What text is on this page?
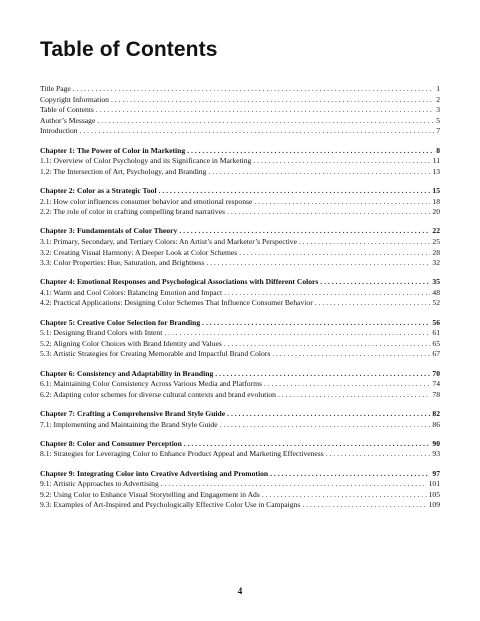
Table of Contents
Title Page . . .	1
Copyright Information . . .	2
Table of Contents . . .	3
Author’s Message . . .	5
Introduction . . .	7
Chapter 1: The Power of Color in Marketing . . .	8
1.1: Overview of Color Psychology and its Significance in Marketing . . .	11
1.2: The Intersection of Art, Psychology, and Branding . . .	13
Chapter 2: Color as a Strategic Tool . . .	15
2.1: How color influences consumer behavior and emotional response . . .	18
2.2: The role of color in crafting compelling brand narratives . . .	20
Chapter 3: Fundamentals of Color Theory . . .	22
3.1: Primary, Secondary, and Tertiary Colors: An Artist’s and Marketer’s Perspective . . .	25
3.2: Creating Visual Harmony: A Deeper Look at Color Schemes . . .	28
3.3: Color Properties: Hue, Saturation, and Brightness . . .	32
Chapter 4: Emotional Responses and Psychological Associations with Different Colors . . .	35
4.1: Warm and Cool Colors: Balancing Emotion and Impact . . .	48
4.2: Practical Applications: Designing Color Schemes That Influence Consumer Behavior . . .	52
Chapter 5: Creative Color Selection for Branding . . .	56
5.1: Designing Brand Colors with Intent . . .	61
5.2: Aligning Color Choices with Brand Identity and Values . . .	65
5.3: Artistic Strategies for Creating Memorable and Impactful Brand Colors . . .	67
Chapter 6: Consistency and Adaptability in Branding . . .	70
6.1: Maintaining Color Consistency Across Various Media and Platforms . . .	74
6.2: Adapting color schemes for diverse cultural contexts and brand evolution . . .	78
Chapter 7: Crafting a Comprehensive Brand Style Guide . . .	82
7.1: Implementing and Maintaining the Brand Style Guide . . .	86
Chapter 8: Color and Consumer Perception . . .	90
8.1: Strategies for Leveraging Color to Enhance Product Appeal and Marketing Effectiveness . . .	93
Chapter 9: Integrating Color into Creative Advertising and Promotion . . .	97
9.1: Artistic Approaches to Advertising . . .	101
9.2: Using Color to Enhance Visual Storytelling and Engagement in Ads . . .	105
9.3: Examples of Art-Inspired and Psychologically Effective Color Use in Campaigns . . .	109
4
